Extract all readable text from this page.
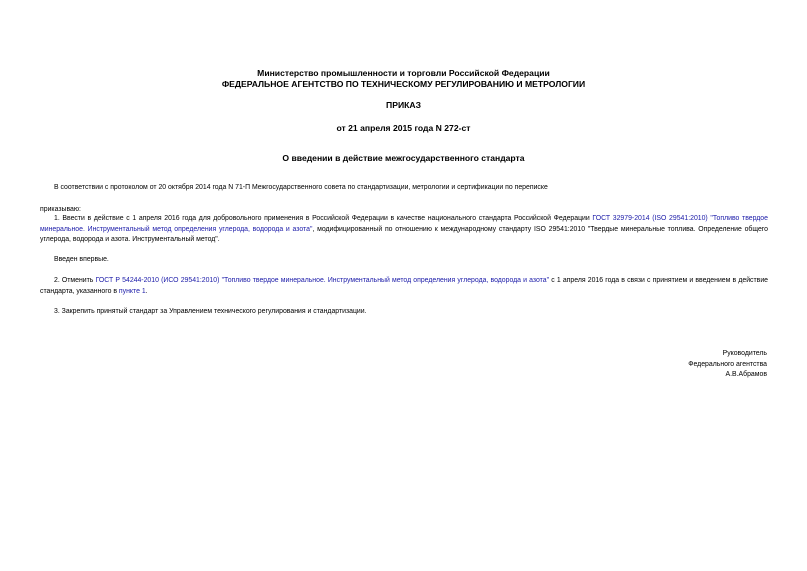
Министерство промышленности и торговли Российской Федерации
ФЕДЕРАЛЬНОЕ АГЕНТСТВО ПО ТЕХНИЧЕСКОМУ РЕГУЛИРОВАНИЮ И МЕТРОЛОГИИ
ПРИКАЗ
от 21 апреля 2015 года N 272-ст
О введении в действие межгосударственного стандарта
В соответствии с протоколом от 20 октября 2014 года N 71-П Межгосударственного совета по стандартизации, метрологии и сертификации по переписке
приказываю:
1. Ввести в действие с 1 апреля 2016 года для добровольного применения в Российской Федерации в качестве национального стандарта Российской Федерации ГОСТ 32979-2014 (ISO 29541:2010) "Топливо твердое минеральное. Инструментальный метод определения углерода, водорода и азота", модифицированный по отношению к международному стандарту ISO 29541:2010 "Твердые минеральные топлива. Определение общего углерода, водорода и азота. Инструментальный метод".
Введен впервые.
2. Отменить ГОСТ Р 54244-2010 (ИСО 29541:2010) "Топливо твердое минеральное. Инструментальный метод определения углерода, водорода и азота" с 1 апреля 2016 года в связи с принятием и введением в действие стандарта, указанного в пункте 1.
3. Закрепить принятый стандарт за Управлением технического регулирования и стандартизации.
Руководитель
Федерального агентства
А.В.Абрамов
